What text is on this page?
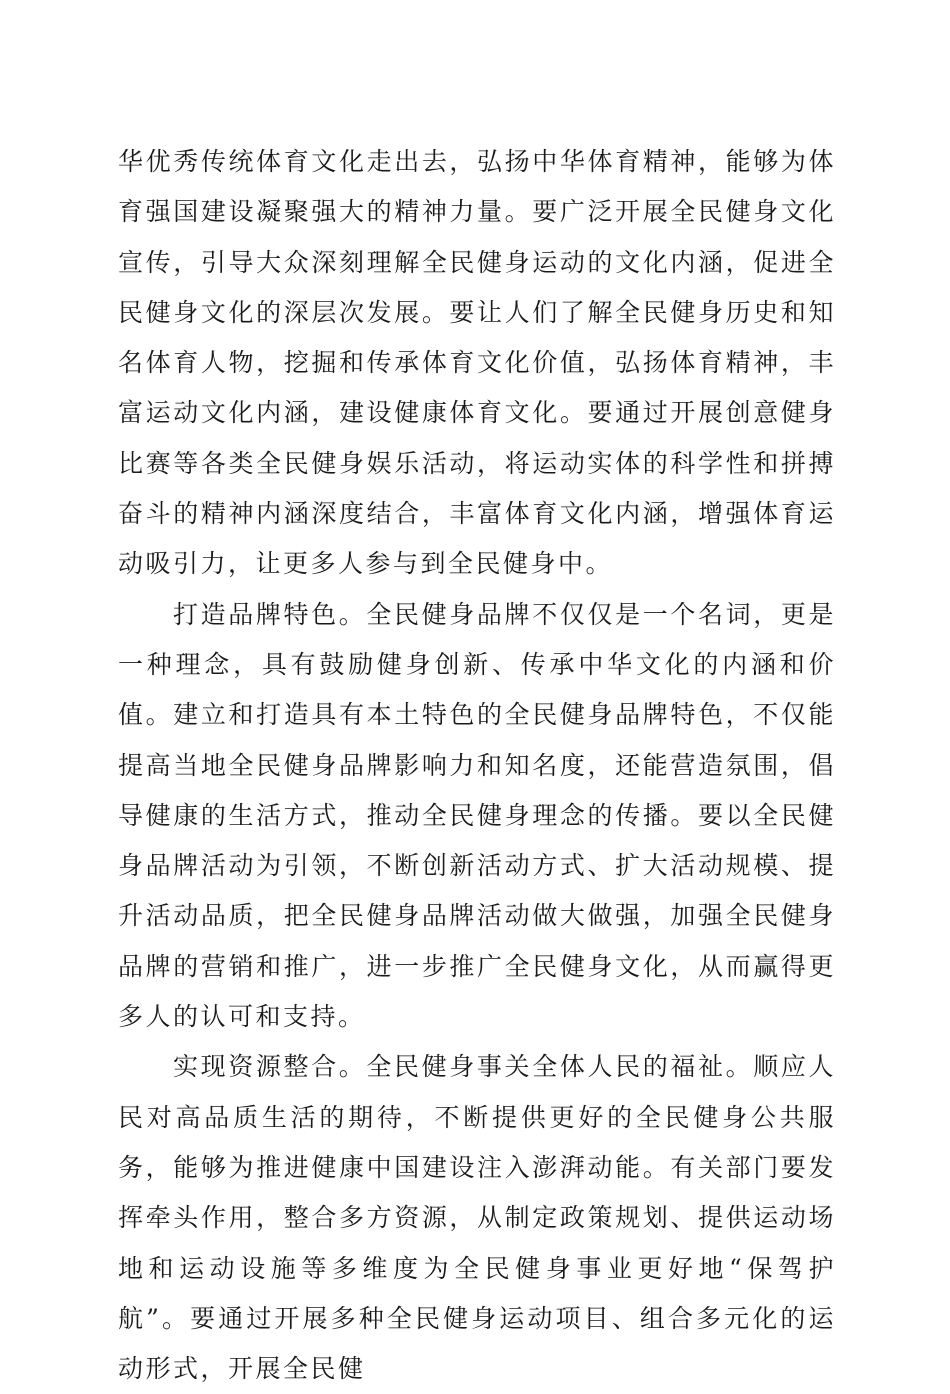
华优秀传统体育文化走出去，弘扬中华体育精神，能够为体育强国建设凝聚强大的精神力量。要广泛开展全民健身文化宣传，引导大众深刻理解全民健身运动的文化内涵，促进全民健身文化的深层次发展。要让人们了解全民健身历史和知名体育人物，挖掘和传承体育文化价值，弘扬体育精神，丰富运动文化内涵，建设健康体育文化。要通过开展创意健身比赛等各类全民健身娱乐活动，将运动实体的科学性和拼搏奋斗的精神内涵深度结合，丰富体育文化内涵，增强体育运动吸引力，让更多人参与到全民健身中。

打造品牌特色。全民健身品牌不仅仅是一个名词，更是一种理念，具有鼓励健身创新、传承中华文化的内涵和价值。建立和打造具有本土特色的全民健身品牌特色，不仅能提高当地全民健身品牌影响力和知名度，还能营造氛围，倡导健康的生活方式，推动全民健身理念的传播。要以全民健身品牌活动为引领，不断创新活动方式、扩大活动规模、提升活动品质，把全民健身品牌活动做大做强，加强全民健身品牌的营销和推广，进一步推广全民健身文化，从而赢得更多人的认可和支持。

实现资源整合。全民健身事关全体人民的福祉。顺应人民对高品质生活的期待，不断提供更好的全民健身公共服务，能够为推进健康中国建设注入澎湃动能。有关部门要发挥牵头作用，整合多方资源，从制定政策规划、提供运动场地和运动设施等多维度为全民健身事业更好地“保驾护航”。要通过开展多种全民健身运动项目、组合多元化的运动形式，开展全民健
